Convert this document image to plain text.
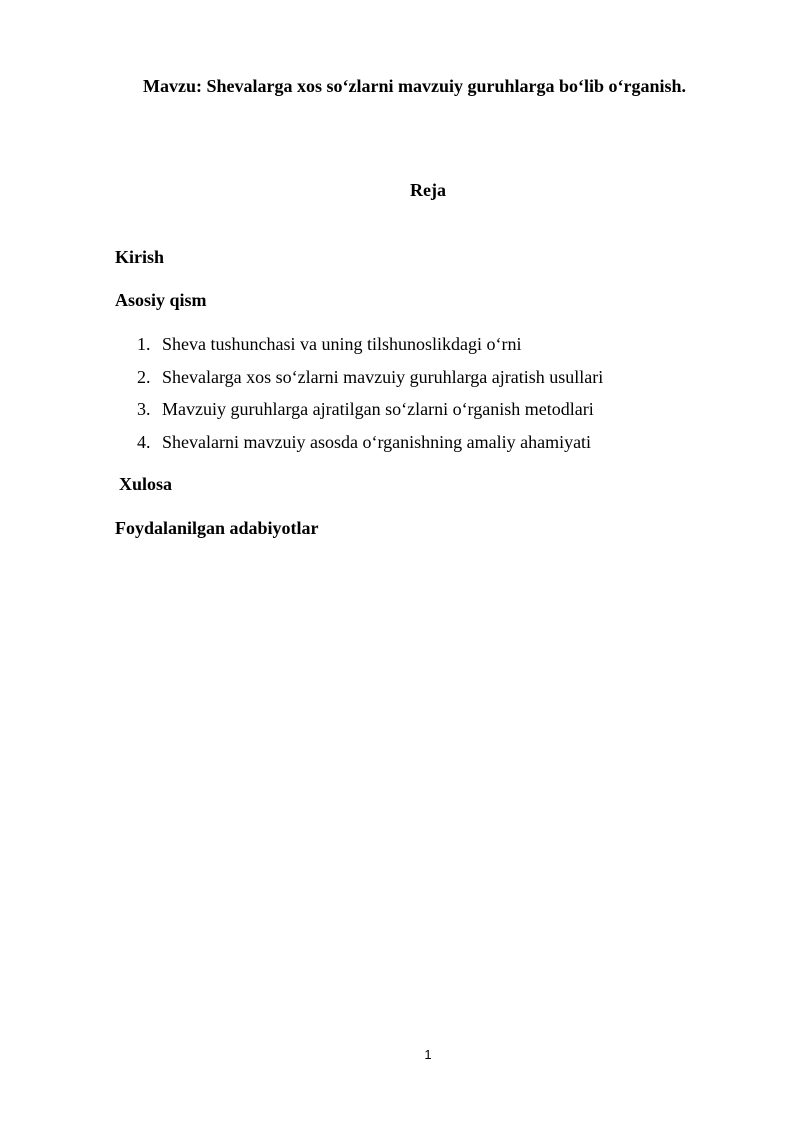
Mavzu: Shevalarga xos so‘zlarni mavzuiy guruhlarga bo‘lib o‘rganish.

Reja

Kirish

Asosiy qism

1. Sheva tushunchasi va uning tilshunoslikdagi o‘rni
2. Shevalarga xos so‘zlarni mavzuiy guruhlarga ajratish usullari
3. Mavzuiy guruhlarga ajratilgan so‘zlarni o‘rganish metodlari
4. Shevalarni mavzuiy asosda o‘rganishning amaliy ahamiyati

Xulosa

Foydalanilgan adabiyotlar

1
